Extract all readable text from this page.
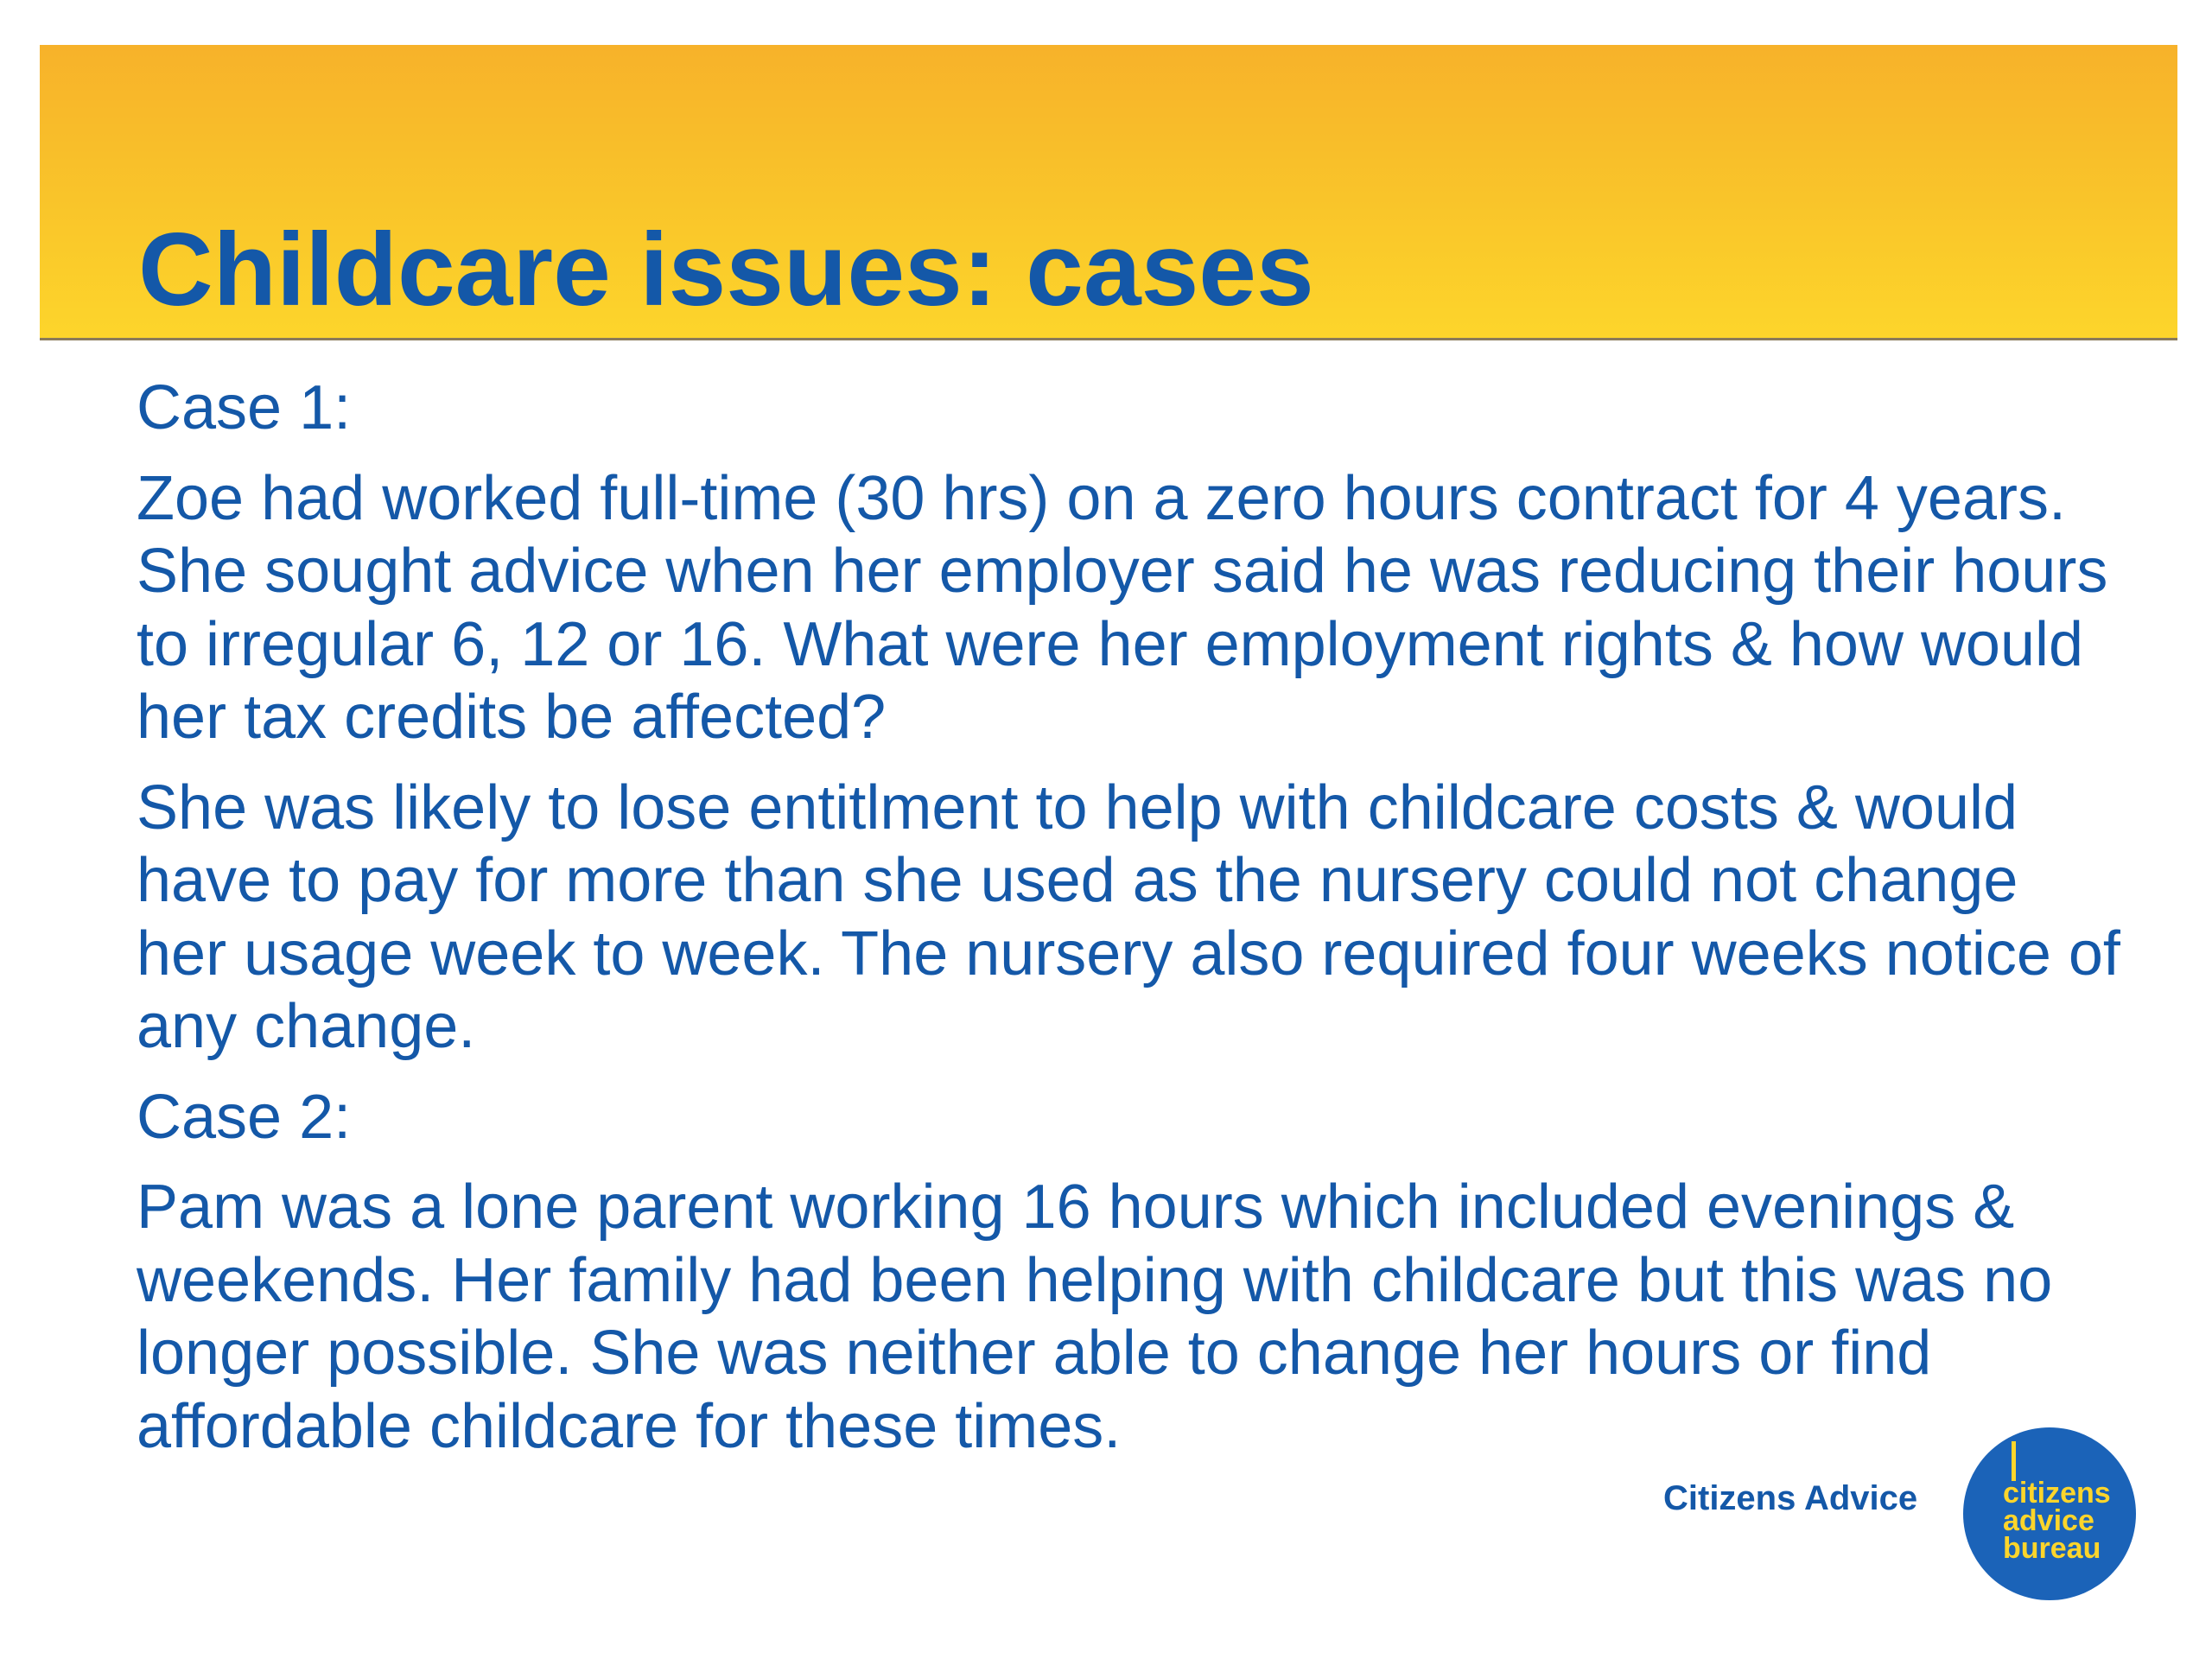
Childcare issues: cases

Case 1:

Zoe had worked full-time (30 hrs) on a zero hours contract for 4 years. She sought advice when her employer said he was reducing their hours to irregular 6, 12 or 16. What were her employment rights & how would her tax credits be affected?

She was likely to lose entitlment to help with childcare costs & would have to pay for more than she used as the nursery could not change her usage week to week. The nursery also required four weeks notice of any change.

Case 2:

Pam was a lone parent working 16 hours which included evenings & weekends. Her family had been helping with childcare but this was no longer possible. She was neither able to change her hours or find affordable childcare for these times.

Citizens Advice	citizens
advice
bureau
